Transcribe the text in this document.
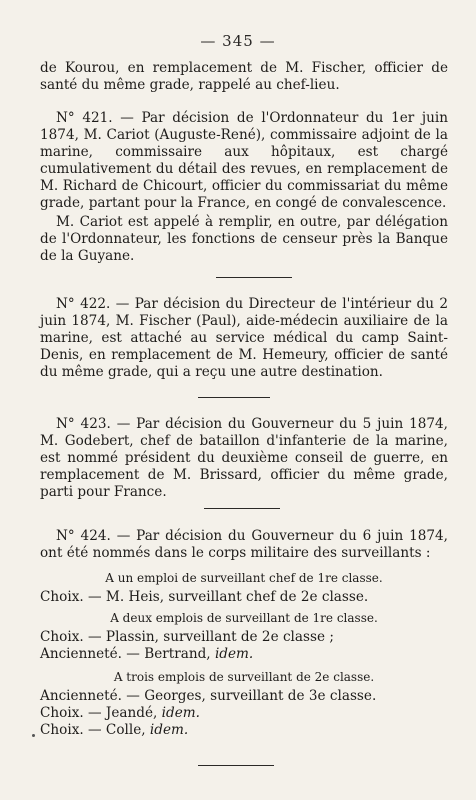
— 345 —

de Kourou, en remplacement de M. Fischer, officier de santé du même grade, rappelé au chef-lieu.

N° 421. — Par décision de l'Ordonnateur du 1er juin 1874, M. Cariot (Auguste-René), commissaire adjoint de la marine, commissaire aux hôpitaux, est chargé cumulativement du détail des revues, en remplacement de M. Richard de Chicourt, officier du commissariat du même grade, partant pour la France, en congé de convalescence.

M. Cariot est appelé à remplir, en outre, par délégation de l'Ordonnateur, les fonctions de censeur près la Banque de la Guyane.

N° 422. — Par décision du Directeur de l'intérieur du 2 juin 1874, M. Fischer (Paul), aide-médecin auxiliaire de la marine, est attaché au service médical du camp Saint-Denis, en remplacement de M. Hemeury, officier de santé du même grade, qui a reçu une autre destination.

N° 423. — Par décision du Gouverneur du 5 juin 1874, M. Godebert, chef de bataillon d'infanterie de la marine, est nommé président du deuxième conseil de guerre, en remplacement de M. Brissard, officier du même grade, parti pour France.

N° 424. — Par décision du Gouverneur du 6 juin 1874, ont été nommés dans le corps militaire des surveillants :

A un emploi de surveillant chef de 1re classe.
Choix. — M. Heis, surveillant chef de 2e classe.
A deux emplois de surveillant de 1re classe.
Choix. — Plassin, surveillant de 2e classe ;
Ancienneté. — Bertrand, idem.
A trois emplois de surveillant de 2e classe.
Ancienneté. — Georges, surveillant de 3e classe.
Choix. — Jeandé, idem.
Choix. — Colle, idem.
